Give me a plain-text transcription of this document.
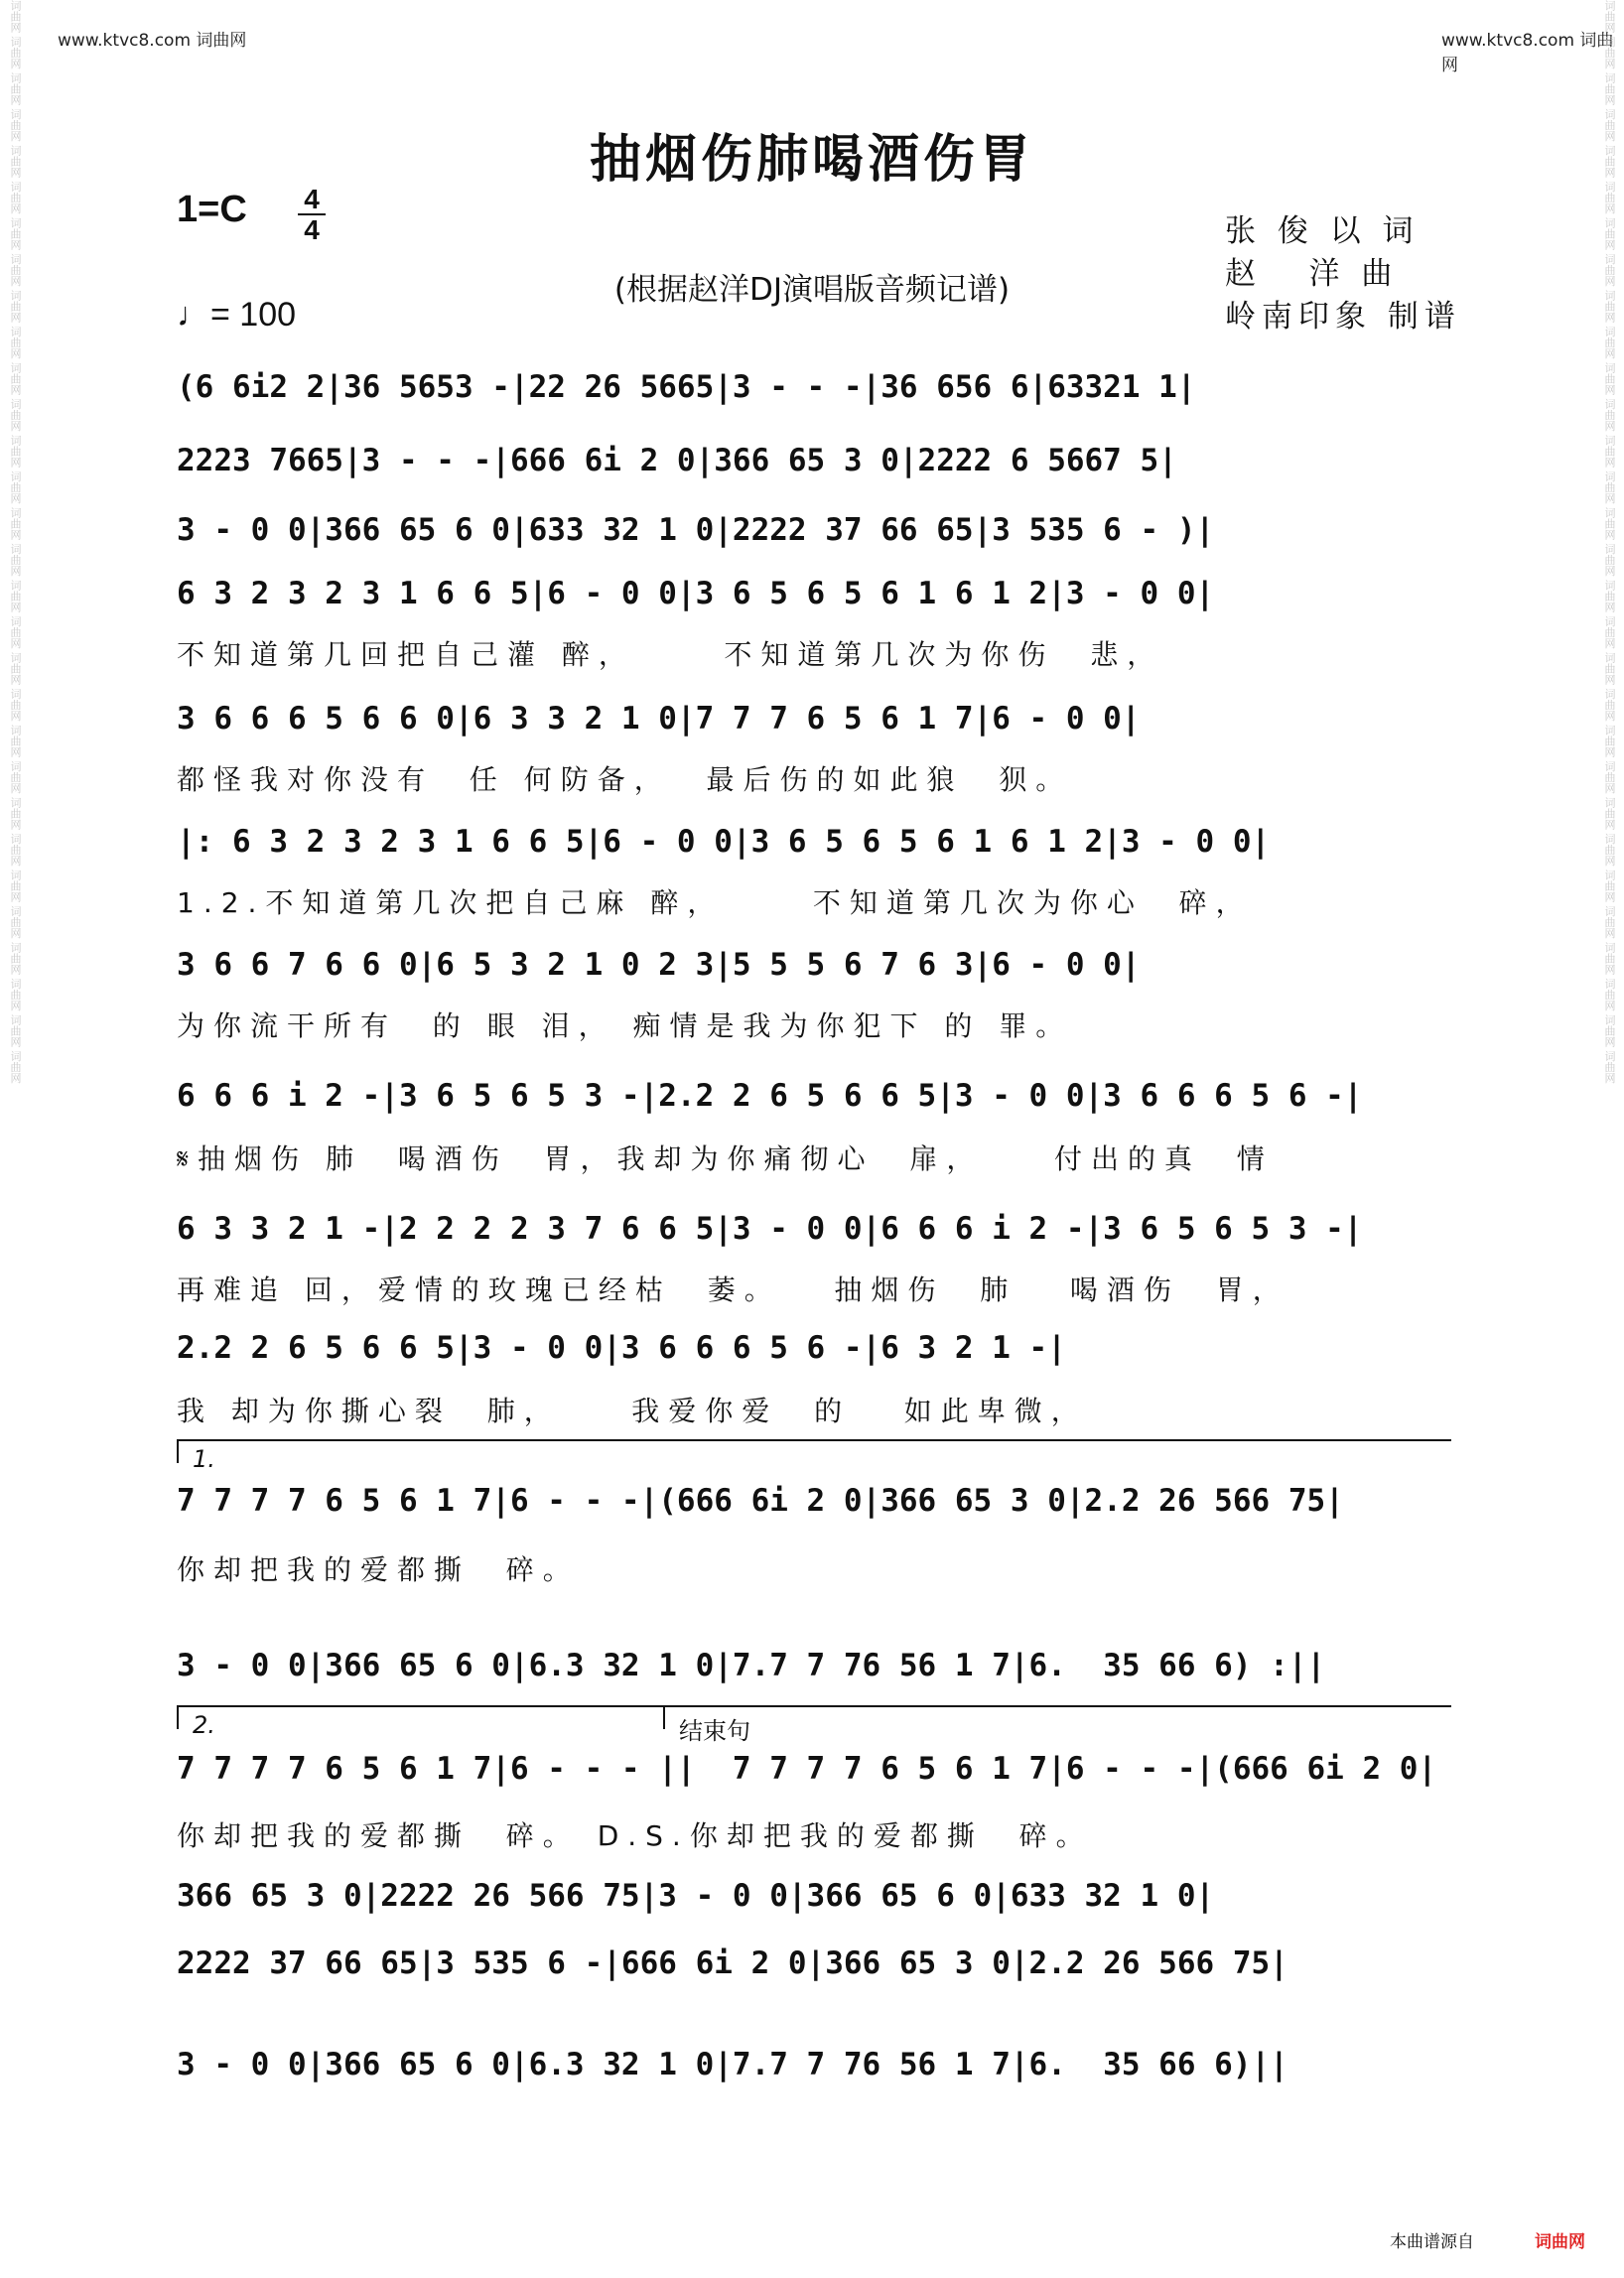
www.ktvc8.com 词曲网	www.ktvc8.com 词曲网
词曲网 词曲网 词曲网 词曲网 词曲网 词曲网 词曲网 词曲网 词曲网 词曲网 词曲网 词曲网 词曲网 词曲网 词曲网 词曲网 词曲网 词曲网 词曲网 词曲网 词曲网 词曲网 词曲网 词曲网 词曲网 词曲网 词曲网 词曲网 词曲网 词曲网	词曲网 词曲网 词曲网 词曲网 词曲网 词曲网 词曲网 词曲网 词曲网 词曲网 词曲网 词曲网 词曲网 词曲网 词曲网 词曲网 词曲网 词曲网 词曲网 词曲网 词曲网 词曲网 词曲网 词曲网 词曲网 词曲网 词曲网 词曲网 词曲网 词曲网
抽烟伤肺喝酒伤胃
$1=C \frac{4}{4}$
♩= 100
(根据赵洋DJ演唱版音频记谱)
张 俊 以 词
赵   洋 曲
岭南印象 制谱
(6 6i2 2|36 5653 -|22 26 5665|3 - - -|36 656 6|63321 1|
2223 7665|3 - - -|666 6i 2 0|366 65 3 0|2222 6 5667 5|
3 - 0 0|366 65 6 0|633 32 1 0|2222 37 66 65|3 535 6 - )|
6 3 2 3 2 3 1 6 6 5|6 - 0 0|3 6 5 6 5 6 1 6 1 2|3 - 0 0|
不知道第几回把自己灌 醉，     不知道第几次为你伤  悲，
3 6 6 6 5 6 6 0|6 3 3 2 1 0|7 7 7 6 5 6 1 7|6 - 0 0|
都怪我对你没有  任 何防备，  最后伤的如此狼  狈。
|: 6 3 2 3 2 3 1 6 6 5|6 - 0 0|3 6 5 6 5 6 1 6 1 2|3 - 0 0|
1.2.不知道第几次把自己麻 醉，     不知道第几次为你心  碎，
3 6 6 7 6 6 0|6 5 3 2 1 0 2 3|5 5 5 6 7 6 3|6 - 0 0|
为你流干所有  的 眼 泪， 痴情是我为你犯下 的 罪。
6 6 6 i 2 -|3 6 5 6 5 3 -|2.2 2 6 5 6 6 5|3 - 0 0|3 6 6 6 5 6 -|
𝄋抽烟伤 肺  喝酒伤  胃，我却为你痛彻心  扉，    付出的真  情
6 3 3 2 1 -|2 2 2 2 3 7 6 6 5|3 - 0 0|6 6 6 i 2 -|3 6 5 6 5 3 -|
再难追 回，爱情的玫瑰已经枯  萎。   抽烟伤  肺   喝酒伤  胃，
2.2 2 6 5 6 6 5|3 - 0 0|3 6 6 6 5 6 -|6 3 2 1 -|
我 却为你撕心裂  肺，    我爱你爱  的   如此卑微，
1.
7 7 7 7 6 5 6 1 7|6 - - -|(666 6i 2 0|366 65 3 0|2.2 26 566 75|
你却把我的爱都撕  碎。
3 - 0 0|366 65 6 0|6.3 32 1 0|7.7 7 76 56 1 7|6.  35 66 6) :||
2.	结束句
7 7 7 7 6 5 6 1 7|6 - - - ||  7 7 7 7 6 5 6 1 7|6 - - -|(666 6i 2 0|
你却把我的爱都撕  碎。 D.S.你却把我的爱都撕  碎。
366 65 3 0|2222 26 566 75|3 - 0 0|366 65 6 0|633 32 1 0|
2222 37 66 65|3 535 6 -|666 6i 2 0|366 65 3 0|2.2 26 566 75|
3 - 0 0|366 65 6 0|6.3 32 1 0|7.7 7 76 56 1 7|6.  35 66 6)||
本曲谱源自	词曲网
